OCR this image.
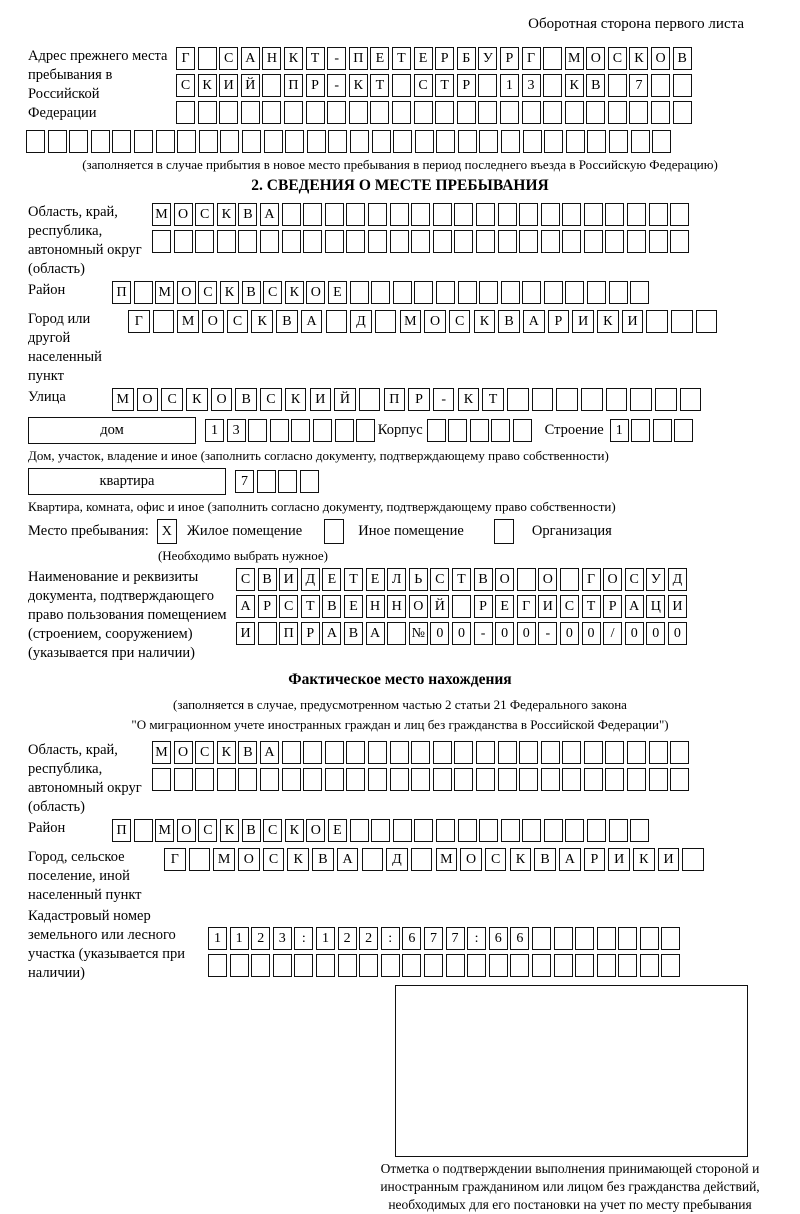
Оборотная сторона первого листа
Адрес прежнего места пребывания в Российской Федерации
Г	С А Н К Т	-	П Е Т Е Р Б У Р Г	М О С К О В
С К И Й	П Р	-	К Т	С Т Р	1	3	К В	7
(заполняется в случае прибытия в новое место пребывания в период последнего въезда в Российскую Федерацию)
2. СВЕДЕНИЯ О МЕСТЕ ПРЕБЫВАНИЯ
Область, край, республика, автономный округ (область)
М О С К В А
Район	П	М О С К В С К О Е
Город или другой населенный пункт
Г	М О	С	К	В	А	Д	М О	С	К	В	А	Р	И	К	И
Улица	М О	С	К	О	В	С	К	И	Й	П	Р	-	К	Т
дом	1	3	Корпус	Строение 1
Дом, участок, владение и иное (заполнить согласно документу, подтверждающему право собственности)
квартира	7
Квартира, комната, офис и иное (заполнить согласно документу, подтверждающему право собственности)
Место пребывания: X	Жилое помещение	Иное помещение	Организация
(Необходимо выбрать нужное)
Наименование и реквизиты документа, подтверждающего право пользования помещением (строением, сооружением) (указывается при наличии)
С В И Д Е Т Е Л Ь С Т В О	О	Г О С У Д
А Р С Т В Е Н Н О Й	Р Е Г И С Т Р А Ц И
И	П Р А В А	№ 0	0	-	0	0	-	0	0	/	0	0	0
Фактическое место нахождения
(заполняется в случае, предусмотренном частью 2 статьи 21 Федерального закона
"О миграционном учете иностранных граждан и лиц без гражданства в Российской Федерации")
Область, край, республика, автономный округ (область)
М О С К В А
Район	П	М О С К В С К О Е
Город, сельское поселение, иной населенный пункт
Г	М О	С	К	В	А	Д	М О	С	К	В	А	Р	И	К	И
Кадастровый номер земельного или лесного участка (указывается при наличии)
1	1	2	3	:	1	2	2	:	6	7	7	:	6	6
Отметка о подтверждении выполнения принимающей стороной и иностранным гражданином или лицом без гражданства действий, необходимых для его постановки на учет по месту пребывания
